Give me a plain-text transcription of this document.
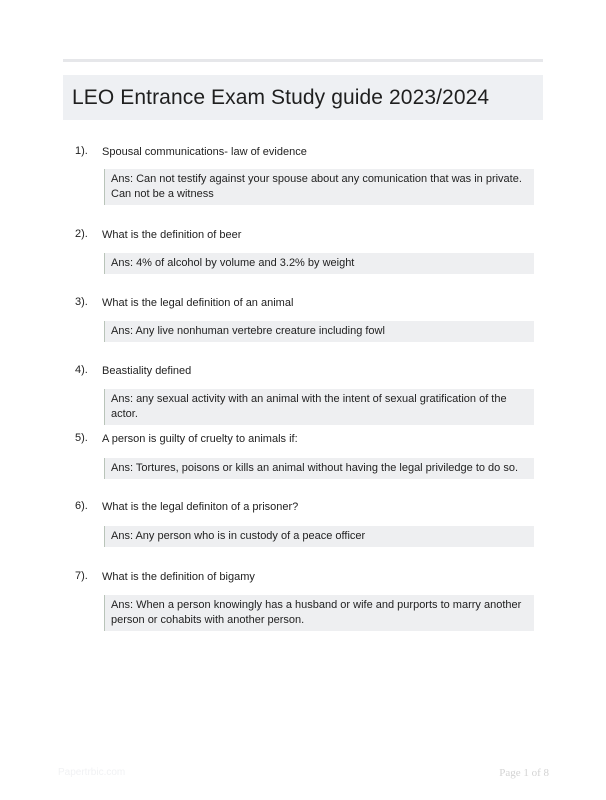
LEO Entrance Exam Study guide 2023/2024
1). Spousal communications- law of evidence
Ans: Can not testify against your spouse about any comunication that was in private. Can not be a witness
2). What is the definition of beer
Ans: 4% of alcohol by volume and 3.2% by weight
3). What is the legal definition of an animal
Ans: Any live nonhuman vertebre creature including fowl
4). Beastiality defined
Ans: any sexual activity with an animal with the intent of sexual gratification of the actor.
5). A person is guilty of cruelty to animals if:
Ans: Tortures, poisons or kills an animal without having the legal priviledge to do so.
6). What is the legal definiton of a prisoner?
Ans: Any person who is in custody of a peace officer
7). What is the definition of bigamy
Ans: When a person knowingly has a husband or wife and purports to marry another person or cohabits with another person.
Papertrbic.com	Page 1 of 8
